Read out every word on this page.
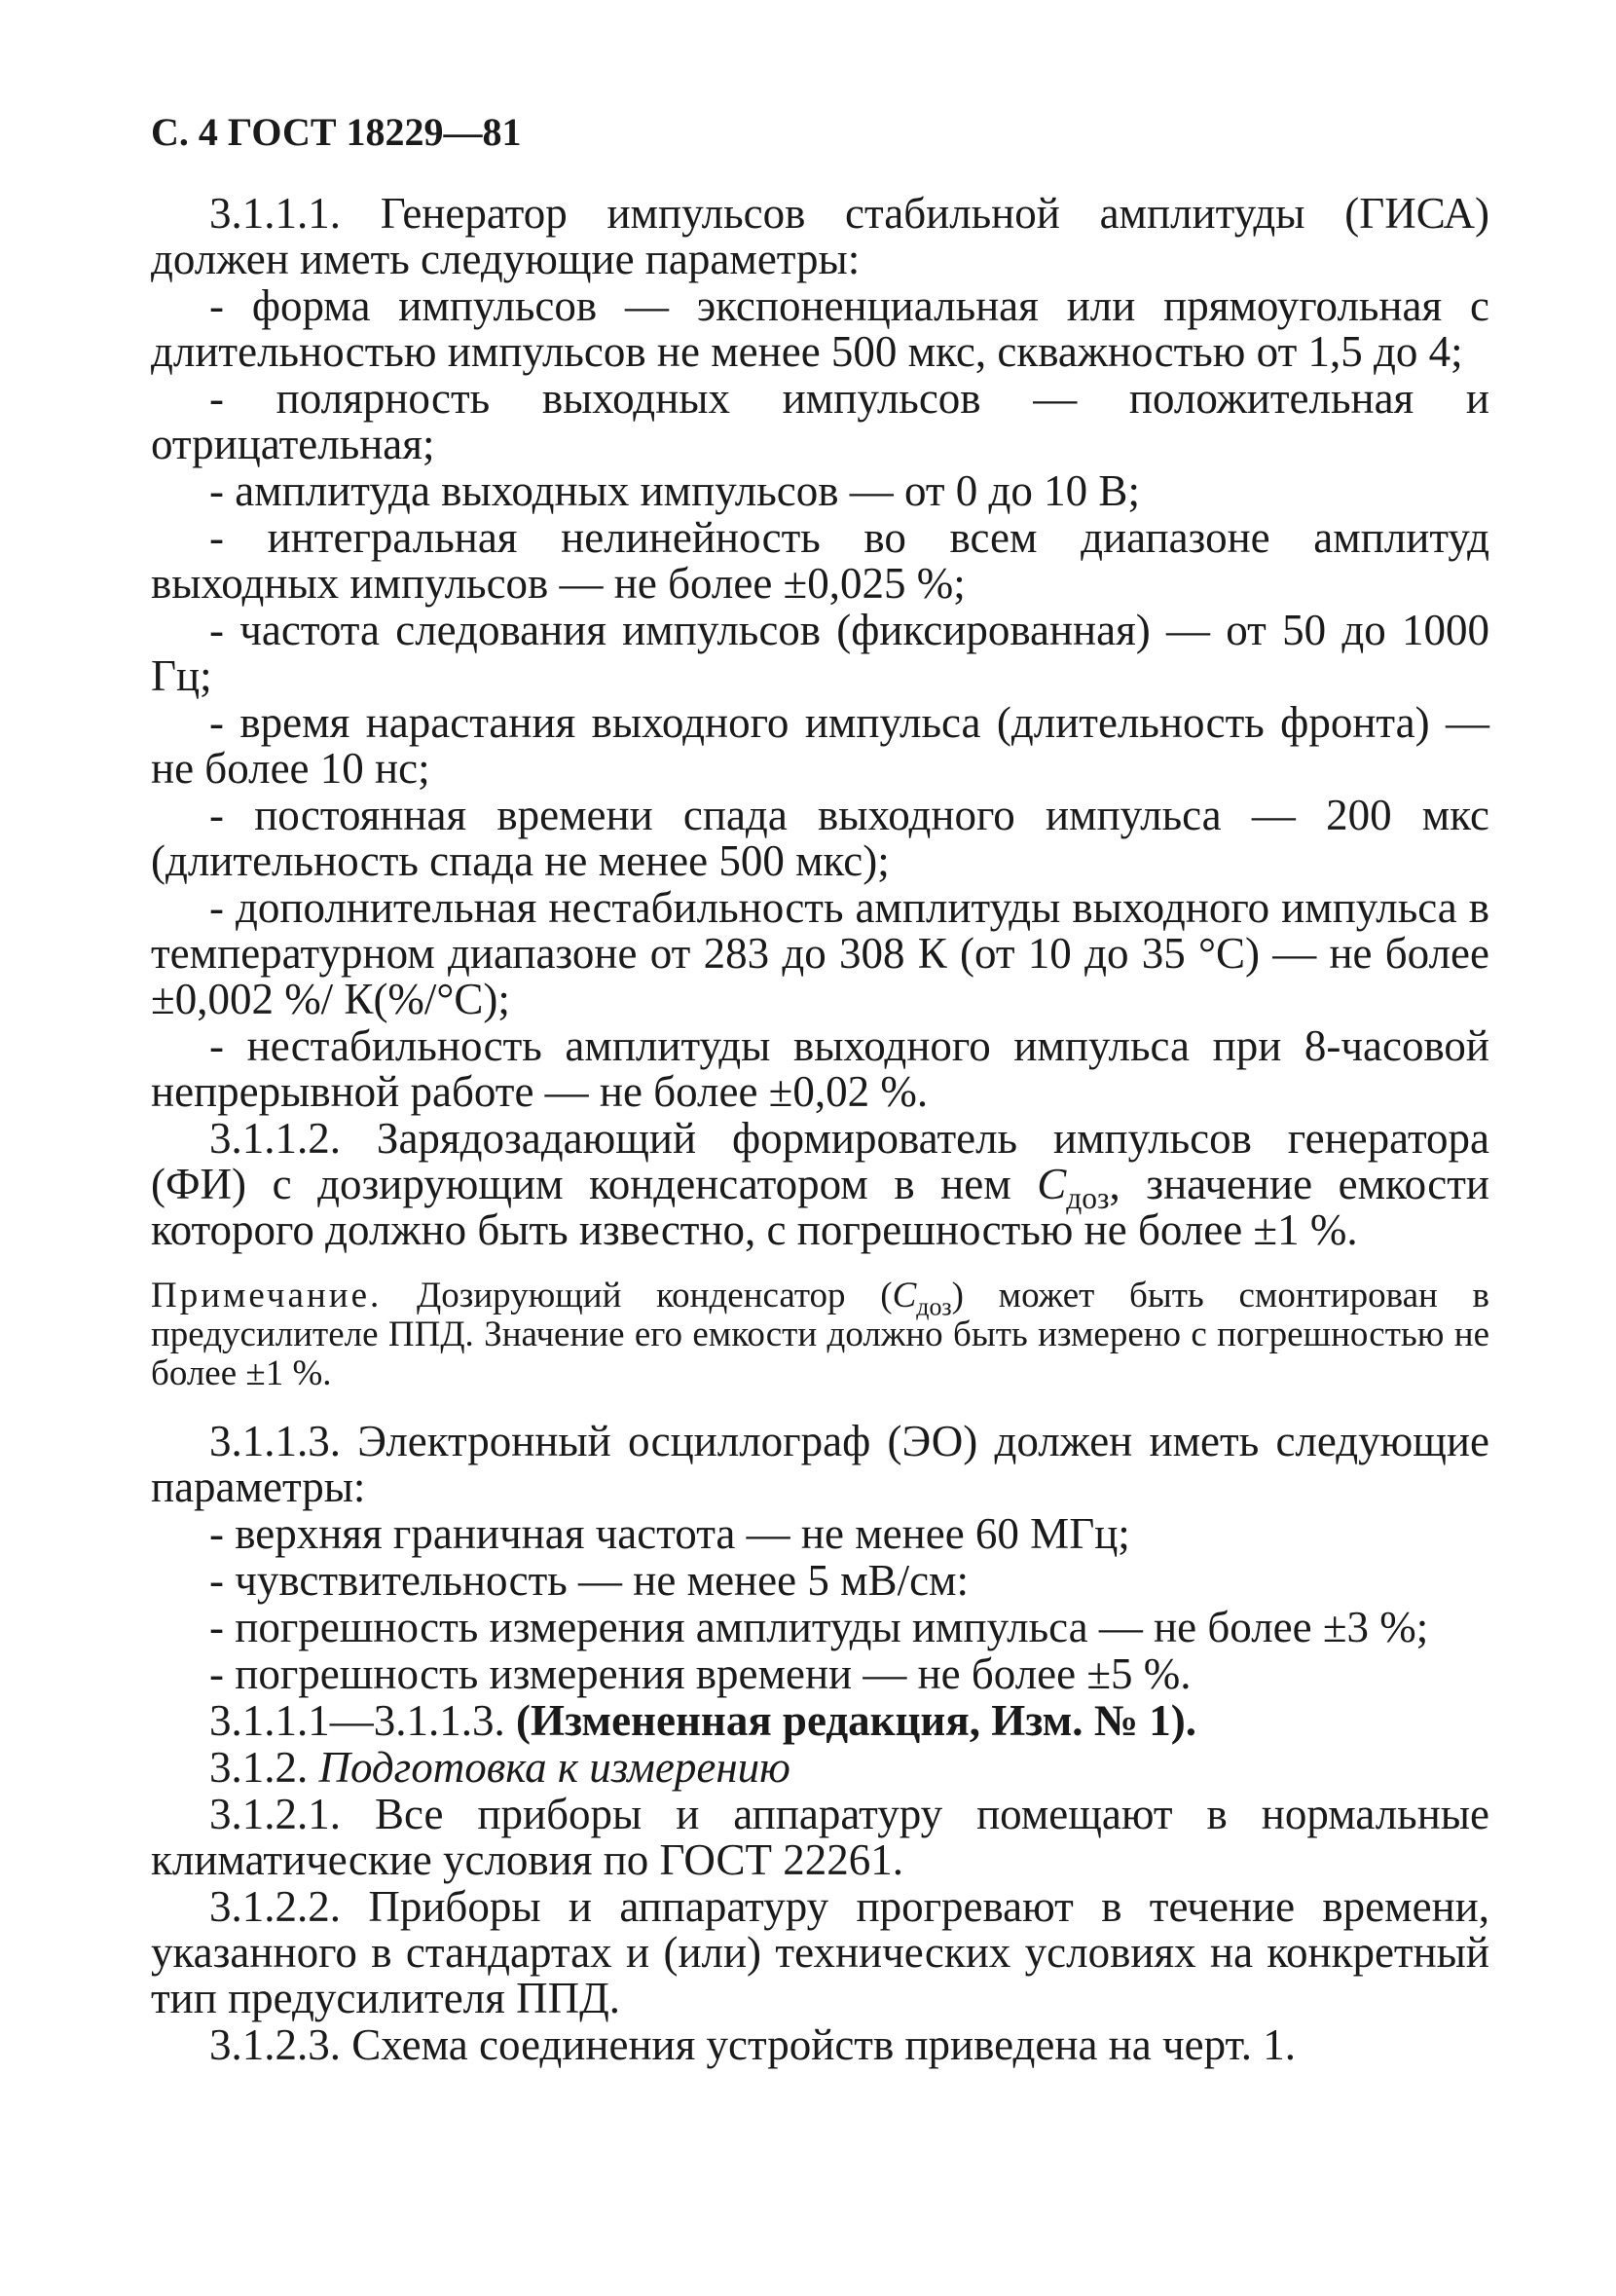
С. 4 ГОСТ 18229—81

3.1.1.1. Генератор импульсов стабильной амплитуды (ГИСА) должен иметь следующие параметры:

- форма импульсов — экспоненциальная или прямоугольная с длительностью импульсов не менее 500 мкс, скважностью от 1,5 до 4;

- полярность выходных импульсов — положительная и отрицательная;

- амплитуда выходных импульсов — от 0 до 10 В;

- интегральная нелинейность во всем диапазоне амплитуд выходных импульсов — не более ±0,025 %;

- частота следования импульсов (фиксированная) — от 50 до 1000 Гц;

- время нарастания выходного импульса (длительность фронта) — не более 10 нс;

- постоянная времени спада выходного импульса — 200 мкс (длительность спада не менее 500 мкс);

- дополнительная нестабильность амплитуды выходного импульса в температурном диапазоне от 283 до 308 К (от 10 до 35 °С) — не более ±0,002 %/ К(%/°С);

- нестабильность амплитуды выходного импульса при 8-часовой непрерывной работе — не более ±0,02 %.

3.1.1.2. Зарядозадающий формирователь импульсов генератора (ФИ) с дозирующим конденсатором в нем $С_{доз}$, значение емкости которого должно быть известно, с погрешностью не более ±1 %.

Примечание. Дозирующий конденсатор $(С_{доз})$ может быть смонтирован в предусилителе ППД. Значение его емкости должно быть измерено с погрешностью не более ±1 %.

3.1.1.3. Электронный осциллограф (ЭО) должен иметь следующие параметры:

- верхняя граничная частота — не менее 60 МГц;

- чувствительность — не менее 5 мВ/см:

- погрешность измерения амплитуды импульса — не более ±3 %;

- погрешность измерения времени — не более ±5 %.

3.1.1.1—3.1.1.3. (Измененная редакция, Изм. № 1).

3.1.2. Подготовка к измерению

3.1.2.1. Все приборы и аппаратуру помещают в нормальные климатические условия по ГОСТ 22261.

3.1.2.2. Приборы и аппаратуру прогревают в течение времени, указанного в стандартах и (или) технических условиях на конкретный тип предусилителя ППД.

3.1.2.3. Схема соединения устройств приведена на черт. 1.
